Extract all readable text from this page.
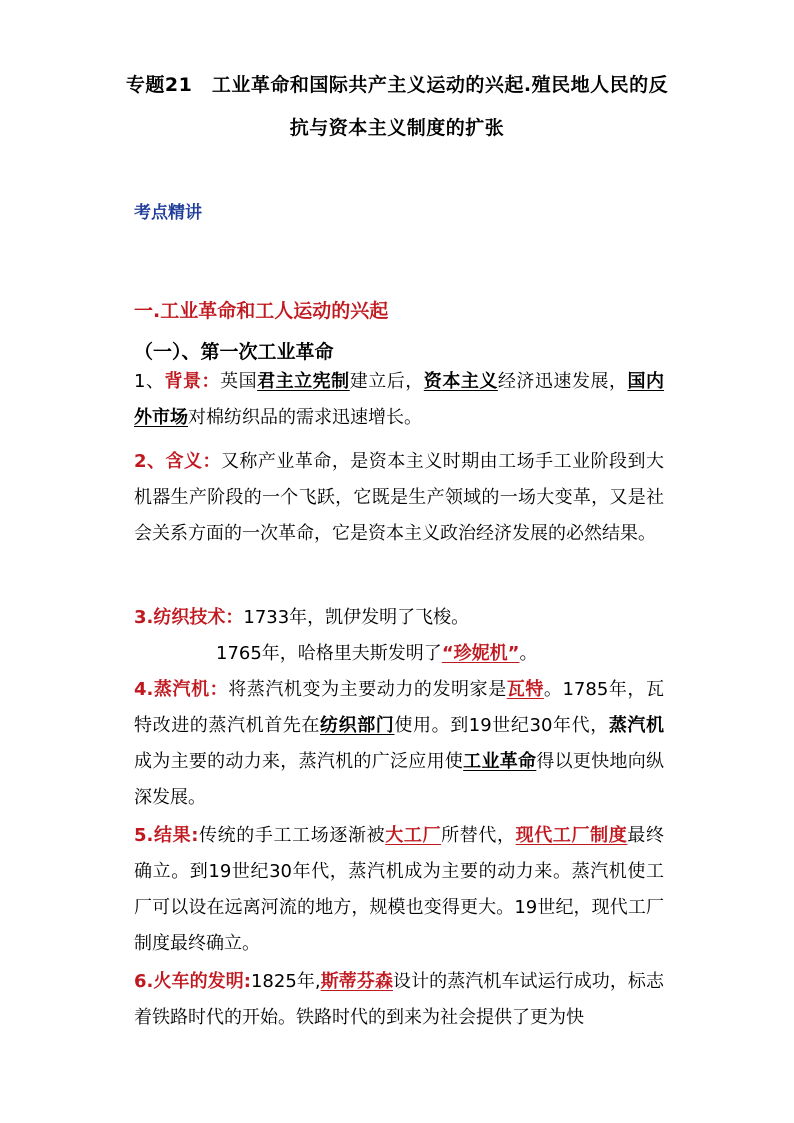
专题21　工业革命和国际共产主义运动的兴起.殖民地人民的反
抗与资本主义制度的扩张
考点精讲
一.工业革命和工人运动的兴起
（一）、第一次工业革命
1、背景：英国君主立宪制建立后，资本主义经济迅速发展，国内外市场对棉纺织品的需求迅速增长。
2、含义：又称产业革命，是资本主义时期由工场手工业阶段到大机器生产阶段的一个飞跃，它既是生产领域的一场大变革，又是社会关系方面的一次革命，它是资本主义政治经济发展的必然结果。
3.纺织技术：1733年，凯伊发明了飞梭。
1765年，哈格里夫斯发明了“珍妮机”。
4.蒸汽机：将蒸汽机变为主要动力的发明家是瓦特。1785年，瓦特改进的蒸汽机首先在纺织部门使用。到19世纪30年代，蒸汽机成为主要的动力来，蒸汽机的广泛应用使工业革命得以更快地向纵深发展。
5.结果:传统的手工工场逐渐被大工厂所替代，现代工厂制度最终确立。到19世纪30年代，蒸汽机成为主要的动力来。蒸汽机使工厂可以设在远离河流的地方，规模也变得更大。19世纪，现代工厂制度最终确立。
6.火车的发明:1825年,斯蒂芬森设计的蒸汽机车试运行成功，标志着铁路时代的开始。铁路时代的到来为社会提供了更为快
